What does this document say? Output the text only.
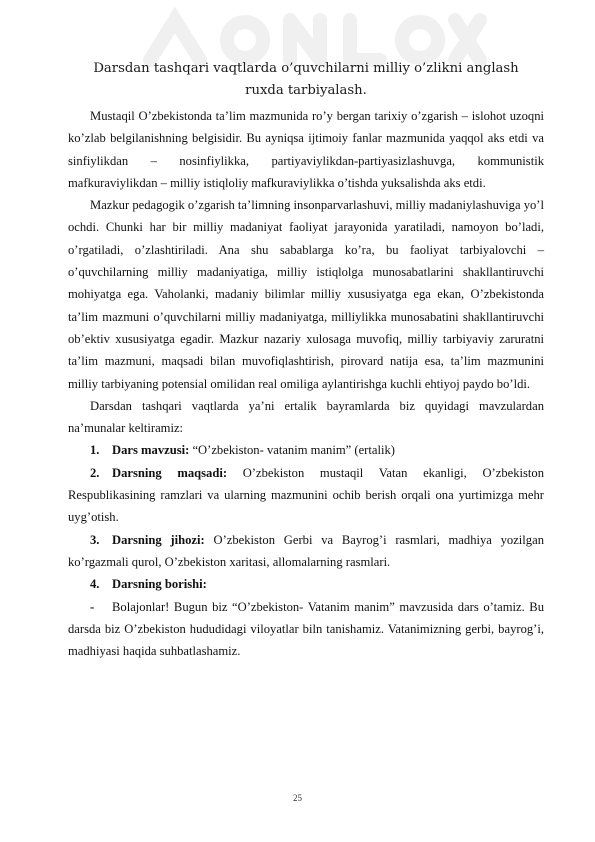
Darsdan tashqari vaqtlarda o’quvchilarni milliy o’zlikni anglash
ruxda tarbiyalash.

Mustaqil O’zbekistonda ta’lim mazmunida ro’y bergan tarixiy o’zgarish – islohot uzoqni ko’zlab belgilanishning belgisidir. Bu ayniqsa ijtimoiy fanlar mazmunida yaqqol aks etdi va sinfiylikdan – nosinfiylikka, partiyaviylikdan-partiyasizlashuvga, kommunistik mafkuraviylikdan – milliy istiqloliy mafkuraviylikka o’tishda yuksalishda aks etdi.

Mazkur pedagogik o’zgarish ta’limning insonparvarlashuvi, milliy madaniylashuviga yo’l ochdi. Chunki har bir milliy madaniyat faoliyat jarayonida yaratiladi, namoyon bo’ladi, o’rgatiladi, o’zlashtiriladi. Ana shu sabablarga ko’ra, bu faoliyat tarbiyalovchi – o’quvchilarning milliy madaniyatiga, milliy istiqlolga munosabatlarini shakllantiruvchi mohiyatga ega. Vaholanki, madaniy bilimlar milliy xususiyatga ega ekan, O’zbekistonda ta’lim mazmuni o’quvchilarni milliy madaniyatga, milliylikka munosabatini shakllantiruvchi ob’ektiv xususiyatga egadir. Mazkur nazariy xulosaga muvofiq, milliy tarbiyaviy zaruratni ta’lim mazmuni, maqsadi bilan muvofiqlashtirish, pirovard natija esa, ta’lim mazmunini milliy tarbiyaning potensial omilidan real omiliga aylantirishga kuchli ehtiyoj paydo bo’ldi.

Darsdan tashqari vaqtlarda ya’ni ertalik bayramlarda biz quyidagi mavzulardan na’munalar keltiramiz:

1. Dars mavzusi: “O’zbekiston- vatanim manim” (ertalik)

2. Darsning maqsadi: O’zbekiston mustaqil Vatan ekanligi, O’zbekiston Respublikasining ramzlari va ularning mazmunini ochib berish orqali ona yurtimizga mehr uyg’otish.

3. Darsning jihozi: O’zbekiston Gerbi va Bayrog’i rasmlari, madhiya yozilgan ko’rgazmali qurol, O’zbekiston xaritasi, allomalarning rasmlari.

4. Darsning borishi:

- Bolajonlar! Bugun biz “O’zbekiston- Vatanim manim” mavzusida dars o’tamiz. Bu darsda biz O’zbekiston hududidagi viloyatlar biln tanishamiz. Vatanimizning gerbi, bayrog’i, madhiyasi haqida suhbatlashamiz.

25
